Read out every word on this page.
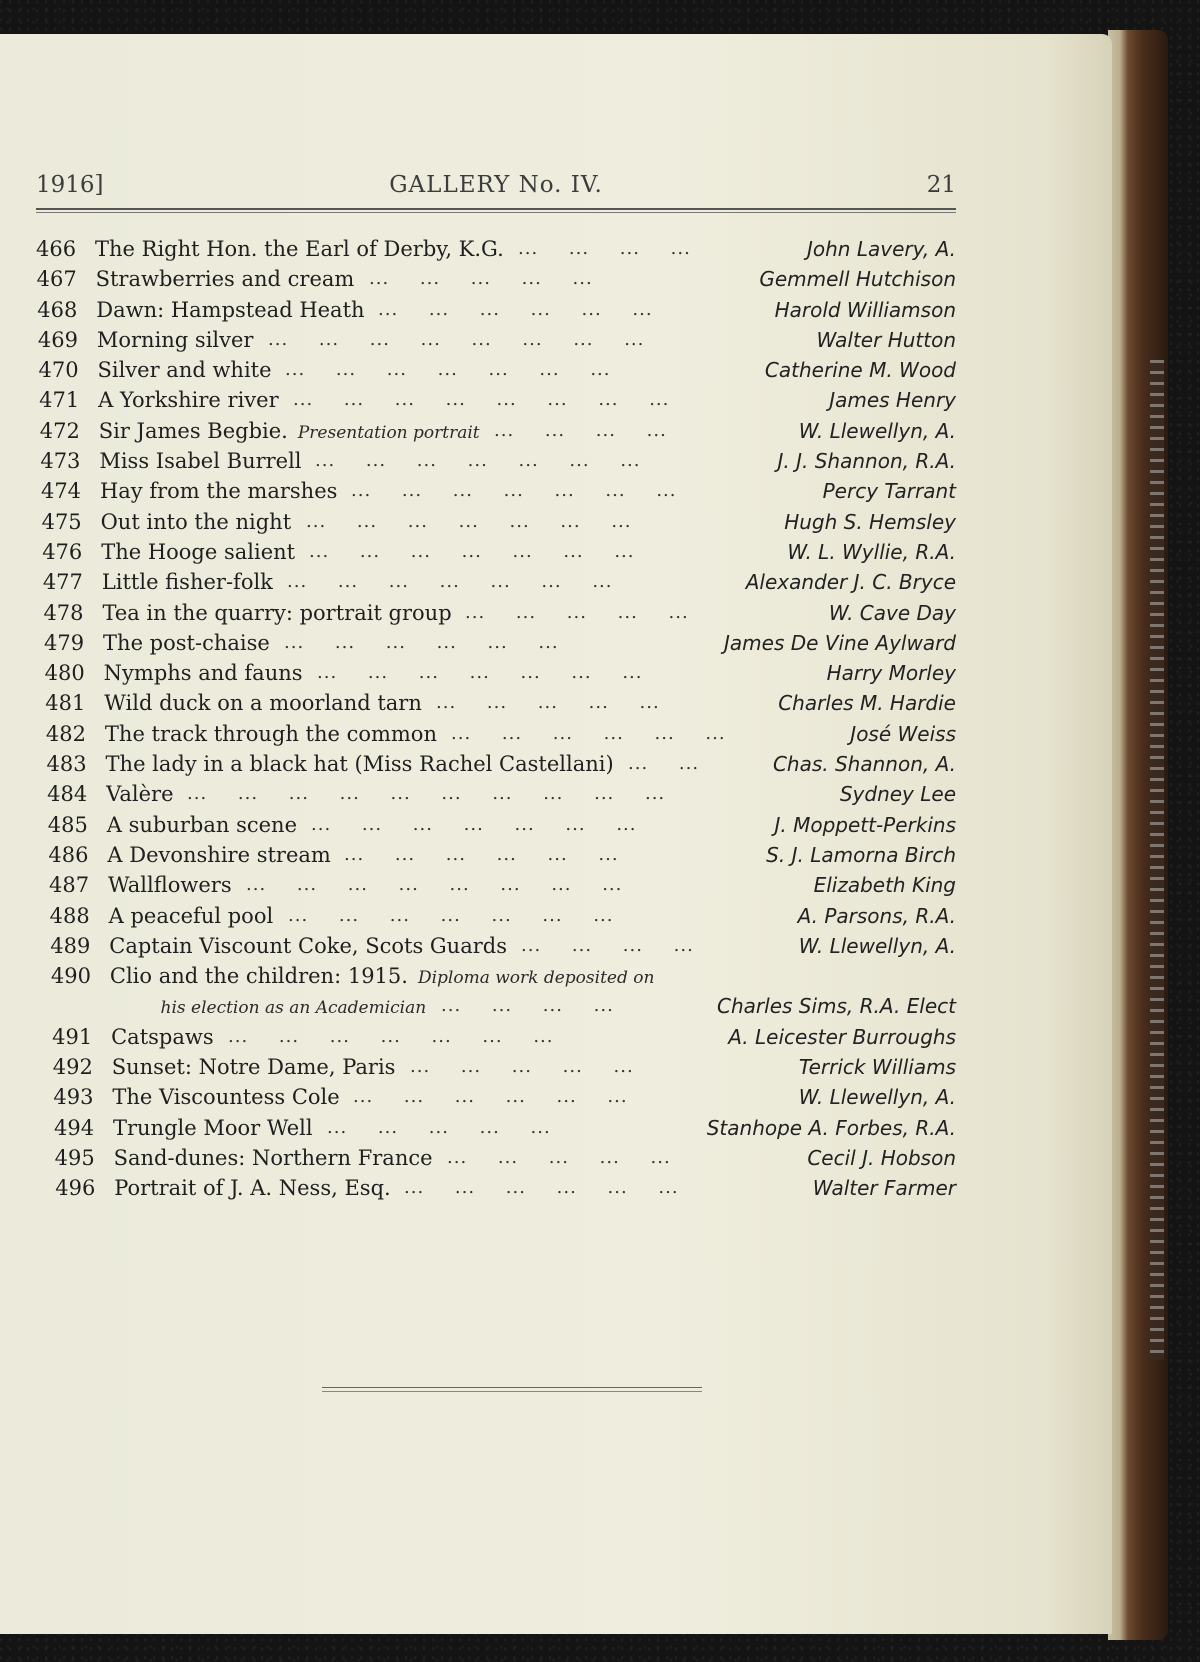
1916]	GALLERY No. IV.	21
466 The Right Hon. the Earl of Derby, K.G.	John Lavery, A.
... ... ... ...
467 Strawberries and cream	Gemmell Hutchison
... ... ... ... ...
468 Dawn: Hampstead Heath	Harold Williamson
... ... ... ... ... ...
469 Morning silver	Walter Hutton
... ... ... ... ... ... ... ...
470 Silver and white	Catherine M. Wood
... ... ... ... ... ... ...
471 A Yorkshire river	James Henry
... ... ... ... ... ... ... ...
472 Sir James Begbie. Presentation portrait	W. Llewellyn, A.
... ... ... ...
473 Miss Isabel Burrell	J. J. Shannon, R.A.
... ... ... ... ... ... ...
474 Hay from the marshes	Percy Tarrant
... ... ... ... ... ... ...
475 Out into the night	Hugh S. Hemsley
... ... ... ... ... ... ...
476 The Hooge salient	W. L. Wyllie, R.A.
... ... ... ... ... ... ...
477 Little fisher-folk	Alexander J. C. Bryce
... ... ... ... ... ... ...
478 Tea in the quarry: portrait group	W. Cave Day
... ... ... ... ...
479 The post-chaise	James De Vine Aylward
... ... ... ... ... ...
480 Nymphs and fauns	Harry Morley
... ... ... ... ... ... ...
481 Wild duck on a moorland tarn	Charles M. Hardie
... ... ... ... ...
482 The track through the common	José Weiss
... ... ... ... ... ...
483 The lady in a black hat (Miss Rachel Castellani)	Chas. Shannon, A.
... ...
484 Valère	Sydney Lee
... ... ... ... ... ... ... ... ... ...
485 A suburban scene	J. Moppett-Perkins
... ... ... ... ... ... ...
486 A Devonshire stream	S. J. Lamorna Birch
... ... ... ... ... ...
487 Wallflowers	Elizabeth King
... ... ... ... ... ... ... ...
488 A peaceful pool	A. Parsons, R.A.
... ... ... ... ... ... ...
489 Captain Viscount Coke, Scots Guards	W. Llewellyn, A.
... ... ... ...
490 Clio and the children: 1915. Diploma work deposited on
his election as an Academician	Charles Sims, R.A. Elect
... ... ... ...
491 Catspaws	A. Leicester Burroughs
... ... ... ... ... ... ...
492 Sunset: Notre Dame, Paris	Terrick Williams
... ... ... ... ...
493 The Viscountess Cole	W. Llewellyn, A.
... ... ... ... ... ...
494 Trungle Moor Well	Stanhope A. Forbes, R.A.
... ... ... ... ...
495 Sand-dunes: Northern France	Cecil J. Hobson
... ... ... ... ...
496 Portrait of J. A. Ness, Esq.	Walter Farmer
... ... ... ... ... ...
